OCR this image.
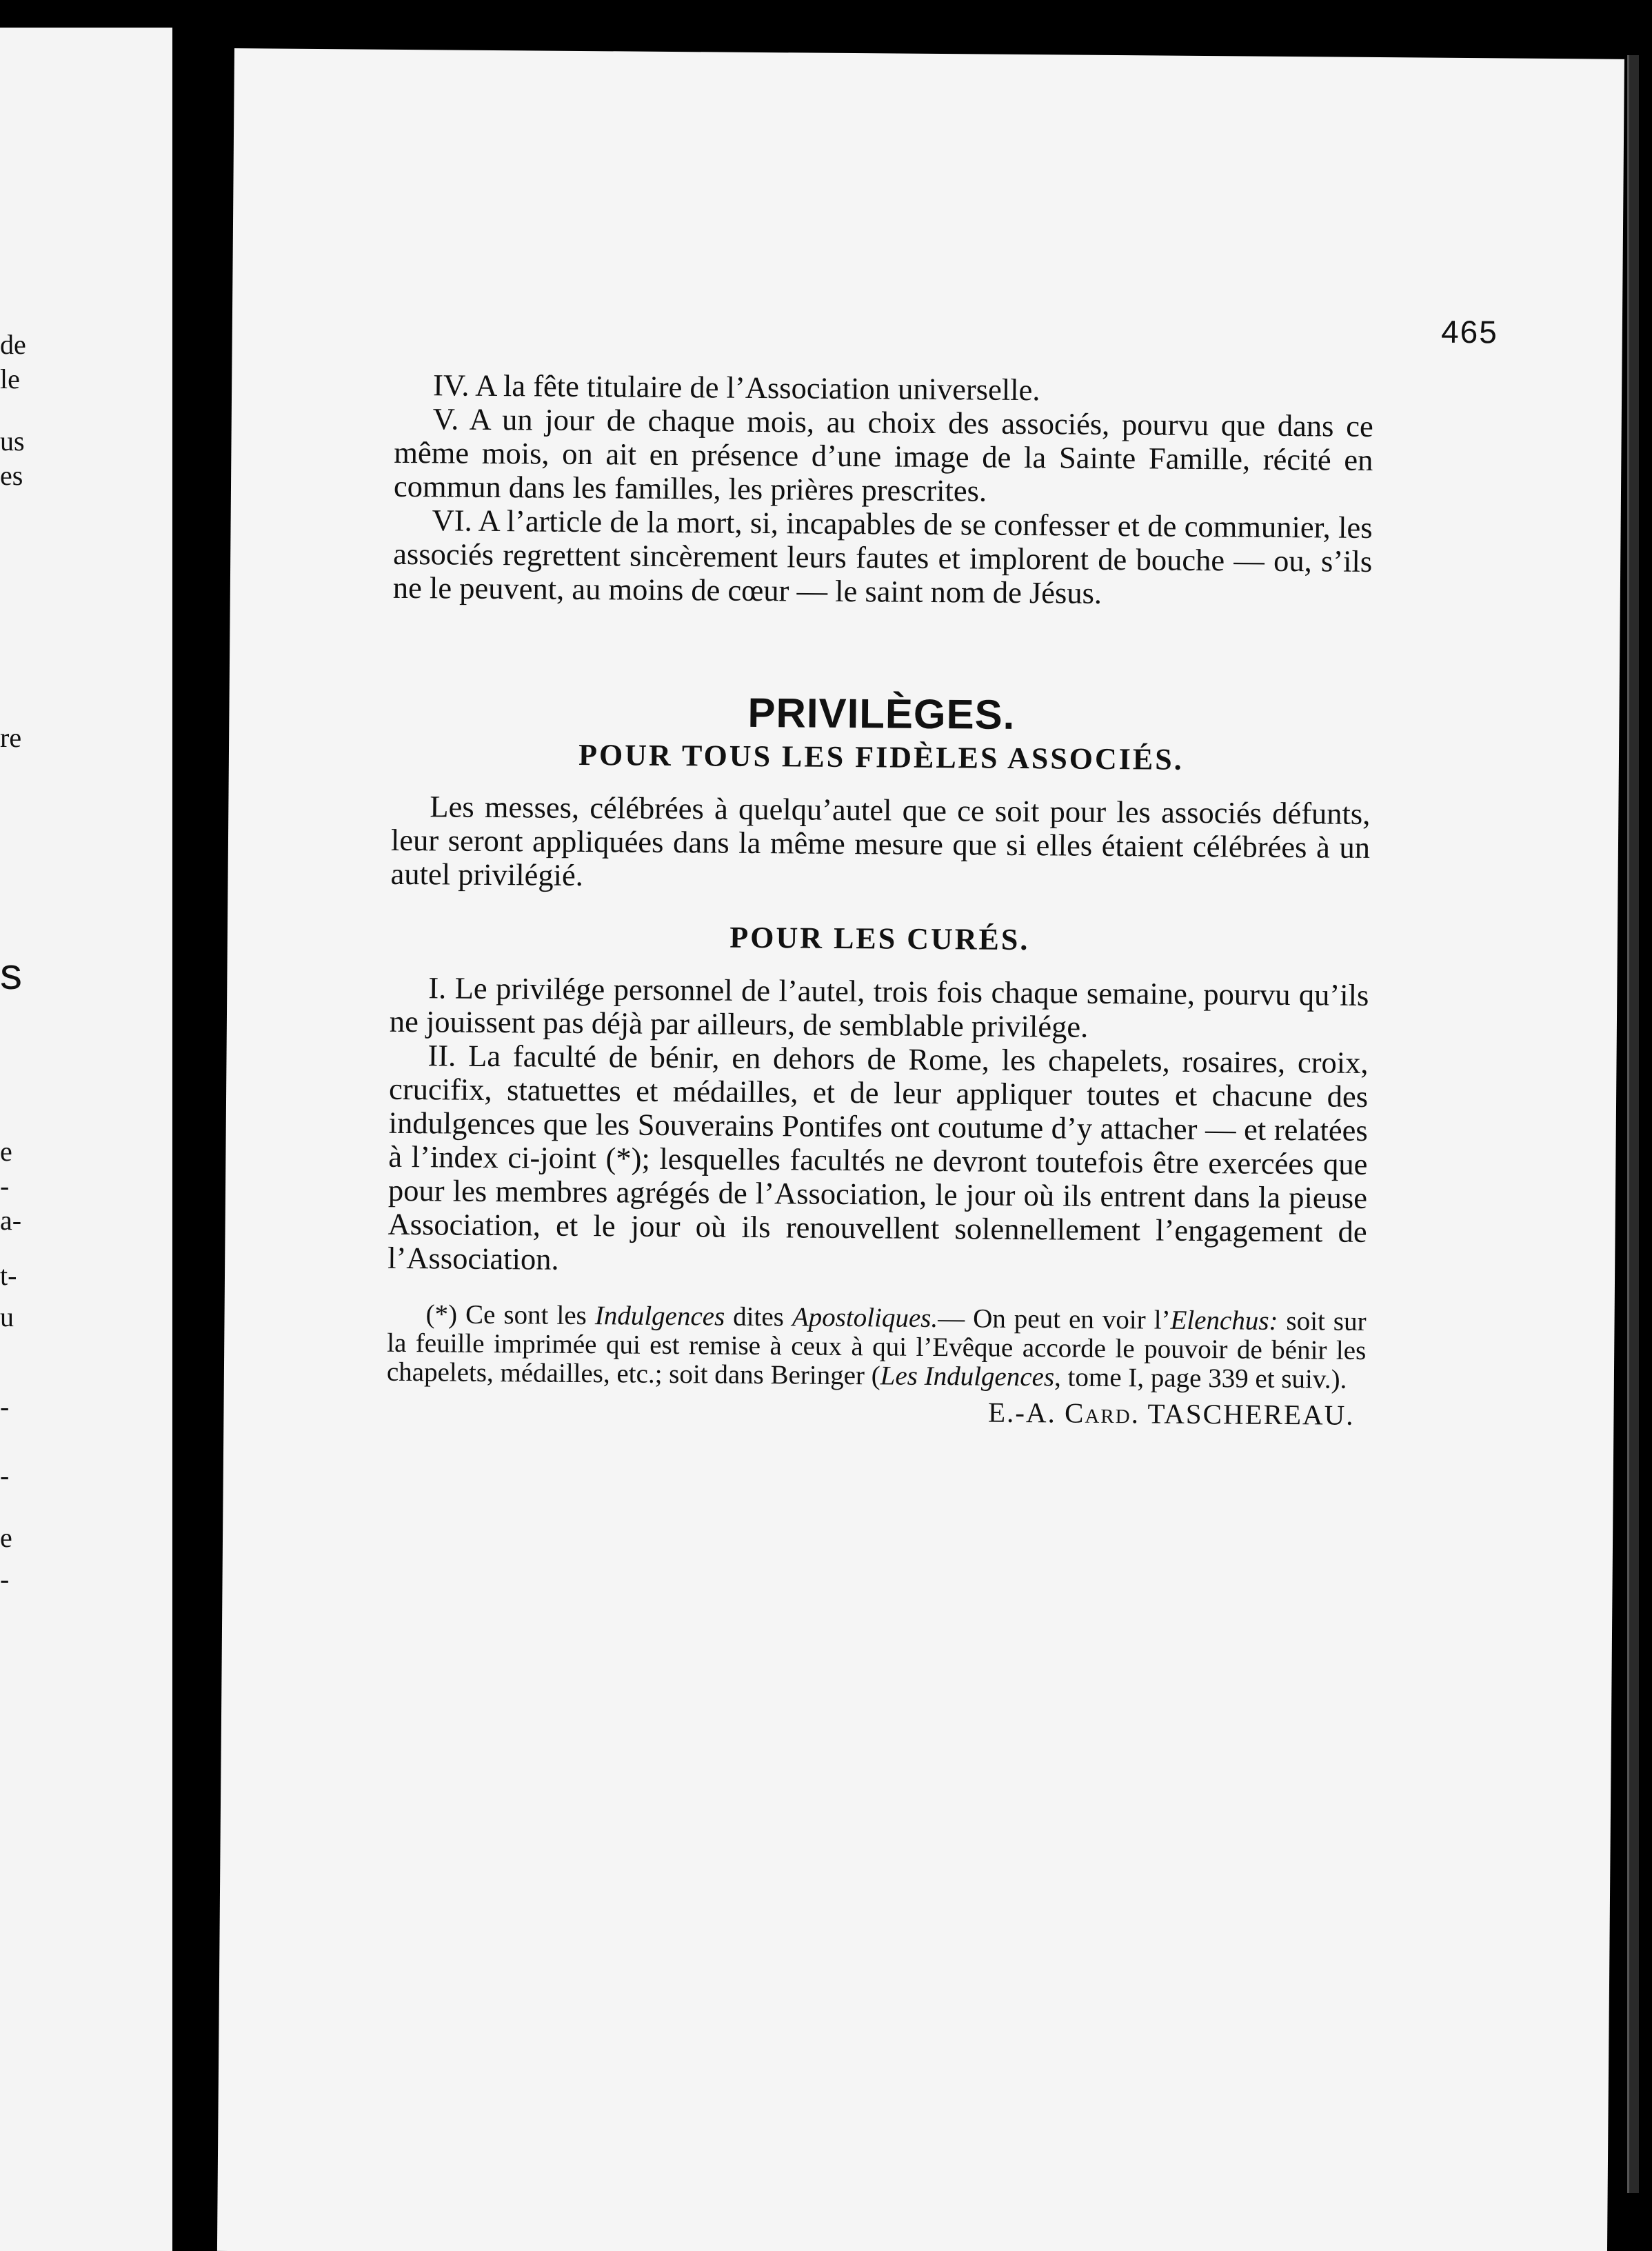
de
le
us
es
re
s
e
-
a-
t-
u
-
-
e
-
465

IV. A la fête titulaire de l’Association universelle.

V. A un jour de chaque mois, au choix des associés, pourvu que dans ce même mois, on ait en présence d’une image de la Sainte Famille, récité en commun dans les familles, les prières prescrites.

VI. A l’article de la mort, si, incapables de se confesser et de communier, les associés regrettent sincèrement leurs fautes et implorent de bouche — ou, s’ils ne le peuvent, au moins de cœur — le saint nom de Jésus.

PRIVILÈGES.
POUR TOUS LES FIDÈLES ASSOCIÉS.

Les messes, célébrées à quelqu’autel que ce soit pour les associés défunts, leur seront appliquées dans la même mesure que si elles étaient célébrées à un autel privilégié.

POUR LES CURÉS.

I. Le privilége personnel de l’autel, trois fois chaque semaine, pourvu qu’ils ne jouissent pas déjà par ailleurs, de semblable privilége.

II. La faculté de bénir, en dehors de Rome, les chapelets, rosaires, croix, crucifix, statuettes et médailles, et de leur appliquer toutes et chacune des indulgences que les Souverains Pontifes ont coutume d’y attacher — et relatées à l’index ci-joint (*); lesquelles facultés ne devront toutefois être exercées que pour les membres agrégés de l’Association, le jour où ils entrent dans la pieuse Association, et le jour où ils renouvellent solennellement l’engagement de l’Association.

(*) Ce sont les Indulgences dites Apostoliques.— On peut en voir l’Elenchus: soit sur la feuille imprimée qui est remise à ceux à qui l’Evêque accorde le pouvoir de bénir les chapelets, médailles, etc.; soit dans Beringer (Les Indulgences, tome I, page 339 et suiv.).

E.-A. Card. TASCHEREAU.
